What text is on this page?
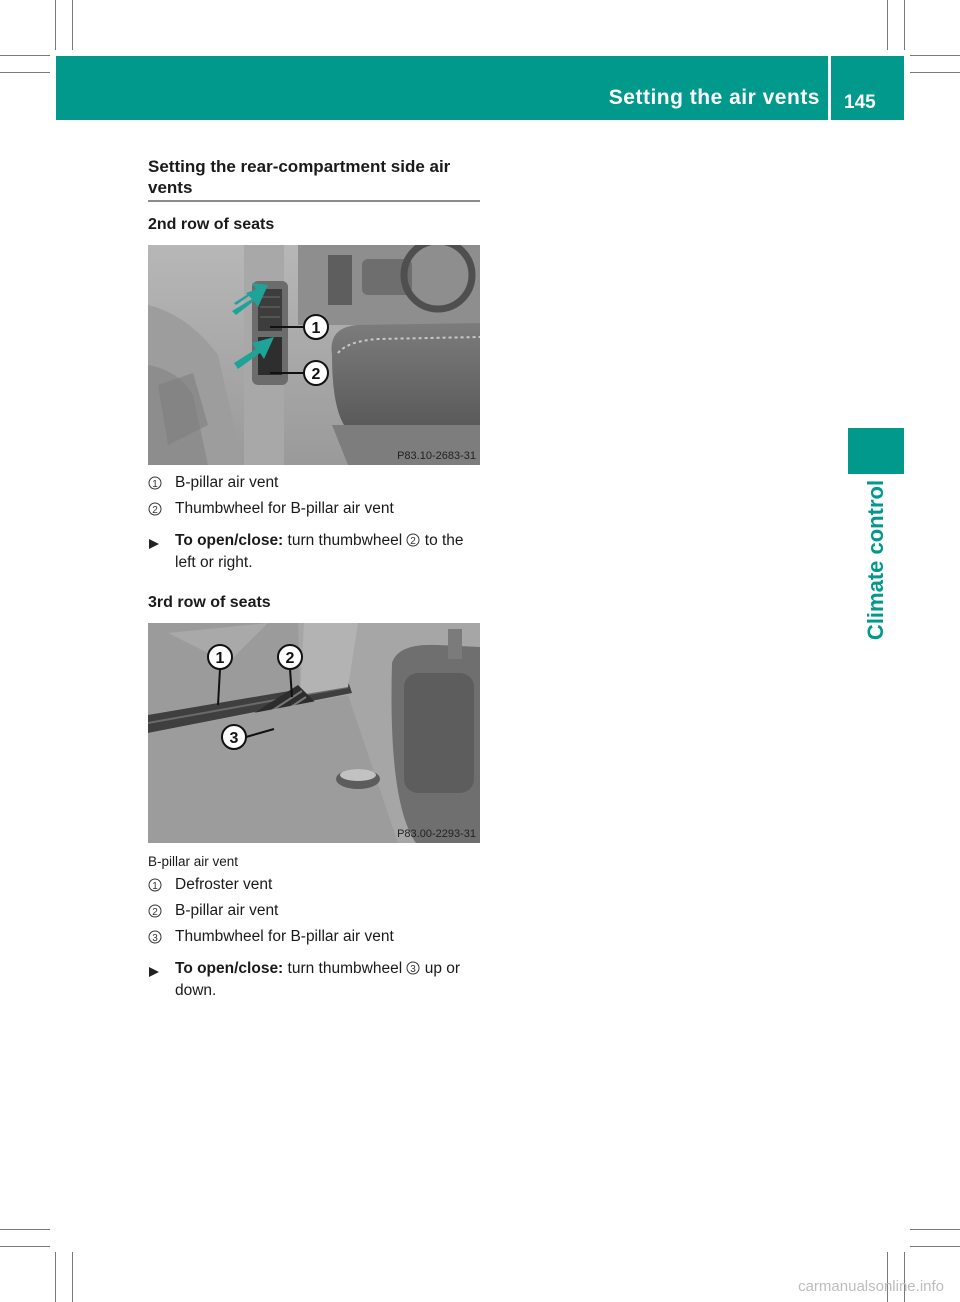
Setting the air vents 145
Climate control
Setting the rear-compartment side air vents
2nd row of seats
1
2
P83.10-2683-31
1 B-pillar air vent
2 Thumbwheel for B-pillar air vent
To open/close: turn thumbwheel 2 to the left or right.
3rd row of seats
1	2
3
P83.00-2293-31
B-pillar air vent
1 Defroster vent
2 B-pillar air vent
3 Thumbwheel for B-pillar air vent
To open/close: turn thumbwheel 3 up or down.
carmanualsonline.info
